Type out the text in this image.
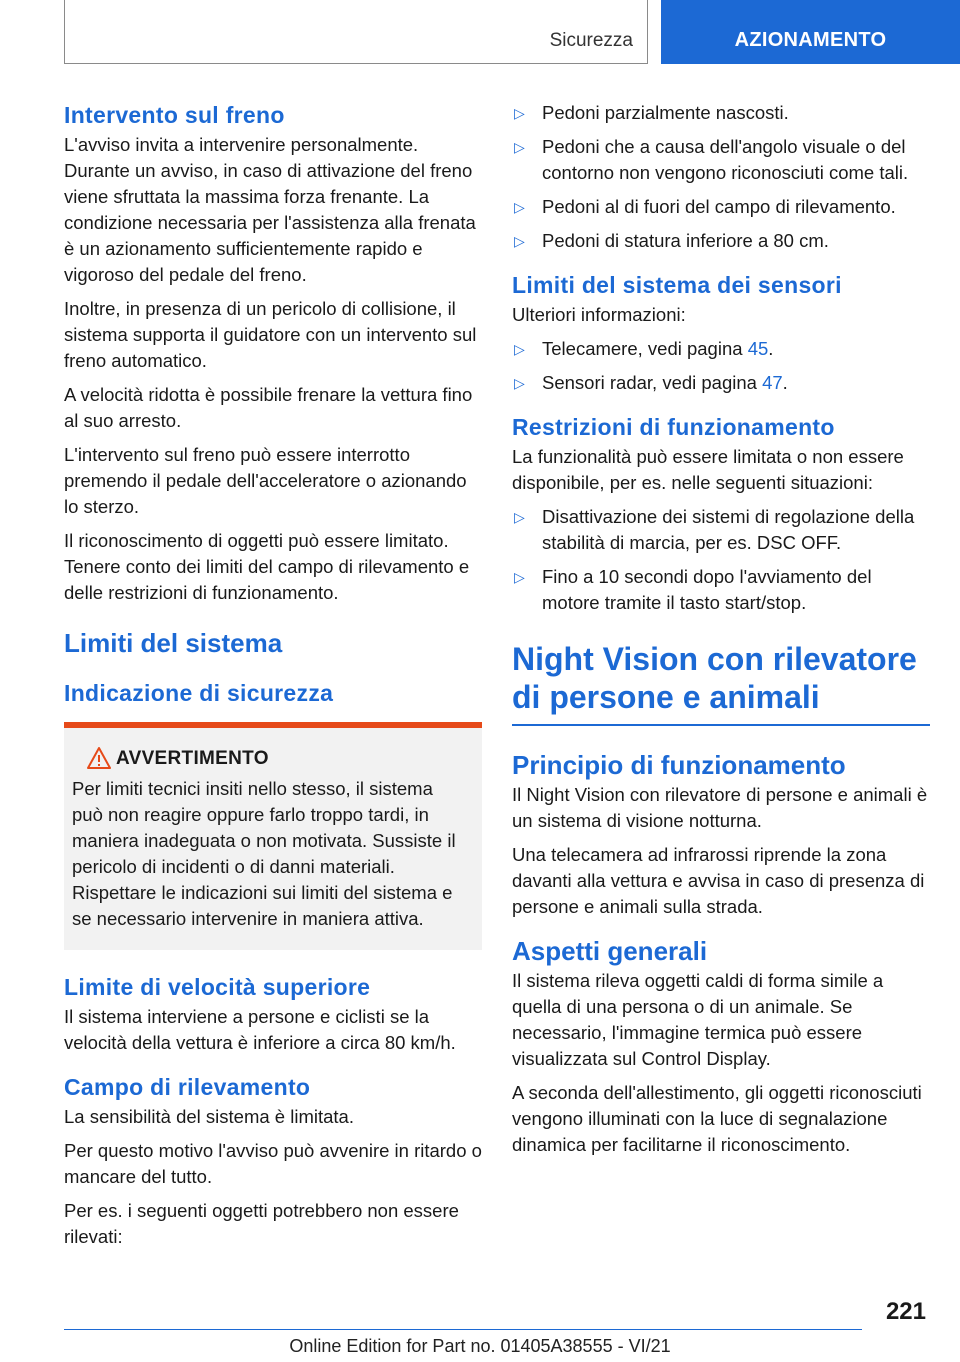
Sicurezza	AZIONAMENTO
Intervento sul freno

L'avviso invita a intervenire personalmente. Durante un avviso, in caso di attivazione del freno viene sfruttata la massima forza frenante. La condizione necessaria per l'assistenza alla frenata è un azionamento sufficientemente rapido e vigoroso del pedale del freno.

Inoltre, in presenza di un pericolo di collisione, il sistema supporta il guidatore con un intervento sul freno automatico.

A velocità ridotta è possibile frenare la vettura fino al suo arresto.

L'intervento sul freno può essere interrotto premendo il pedale dell'acceleratore o azionando lo sterzo.

Il riconoscimento di oggetti può essere limitato. Tenere conto dei limiti del campo di rilevamento e delle restrizioni di funzionamento.

Limiti del sistema
Indicazione di sicurezza
AVVERTIMENTO

Per limiti tecnici insiti nello stesso, il sistema può non reagire oppure farlo troppo tardi, in maniera inadeguata o non motivata. Sussiste il pericolo di incidenti o di danni materiali. Rispettare le indicazioni sui limiti del sistema e se necessario intervenire in maniera attiva.

Limite di velocità superiore

Il sistema interviene a persone e ciclisti se la velocità della vettura è inferiore a circa 80 km/h.

Campo di rilevamento

La sensibilità del sistema è limitata.

Per questo motivo l'avviso può avvenire in ritardo o mancare del tutto.

Per es. i seguenti oggetti potrebbero non essere rilevati:

▷ Pedoni parzialmente nascosti.
▷ Pedoni che a causa dell'angolo visuale o del contorno non vengono riconosciuti come tali.
▷ Pedoni al di fuori del campo di rilevamento.
▷ Pedoni di statura inferiore a 80 cm.
Limiti del sistema dei sensori

Ulteriori informazioni:

▷ Telecamere, vedi pagina 45.
▷ Sensori radar, vedi pagina 47.
Restrizioni di funzionamento

La funzionalità può essere limitata o non essere disponibile, per es. nelle seguenti situazioni:

▷ Disattivazione dei sistemi di regolazione della stabilità di marcia, per es. DSC OFF.
▷ Fino a 10 secondi dopo l'avviamento del motore tramite il tasto start/stop.
Night Vision con rilevatore di persone e animali
Principio di funzionamento

Il Night Vision con rilevatore di persone e animali è un sistema di visione notturna.

Una telecamera ad infrarossi riprende la zona davanti alla vettura e avvisa in caso di presenza di persone e animali sulla strada.

Aspetti generali

Il sistema rileva oggetti caldi di forma simile a quella di una persona o di un animale. Se necessario, l'immagine termica può essere visualizzata sul Control Display.

A seconda dell'allestimento, gli oggetti riconosciuti vengono illuminati con la luce di segnalazione dinamica per facilitarne il riconoscimento.

221
Online Edition for Part no. 01405A38555 - VI/21
